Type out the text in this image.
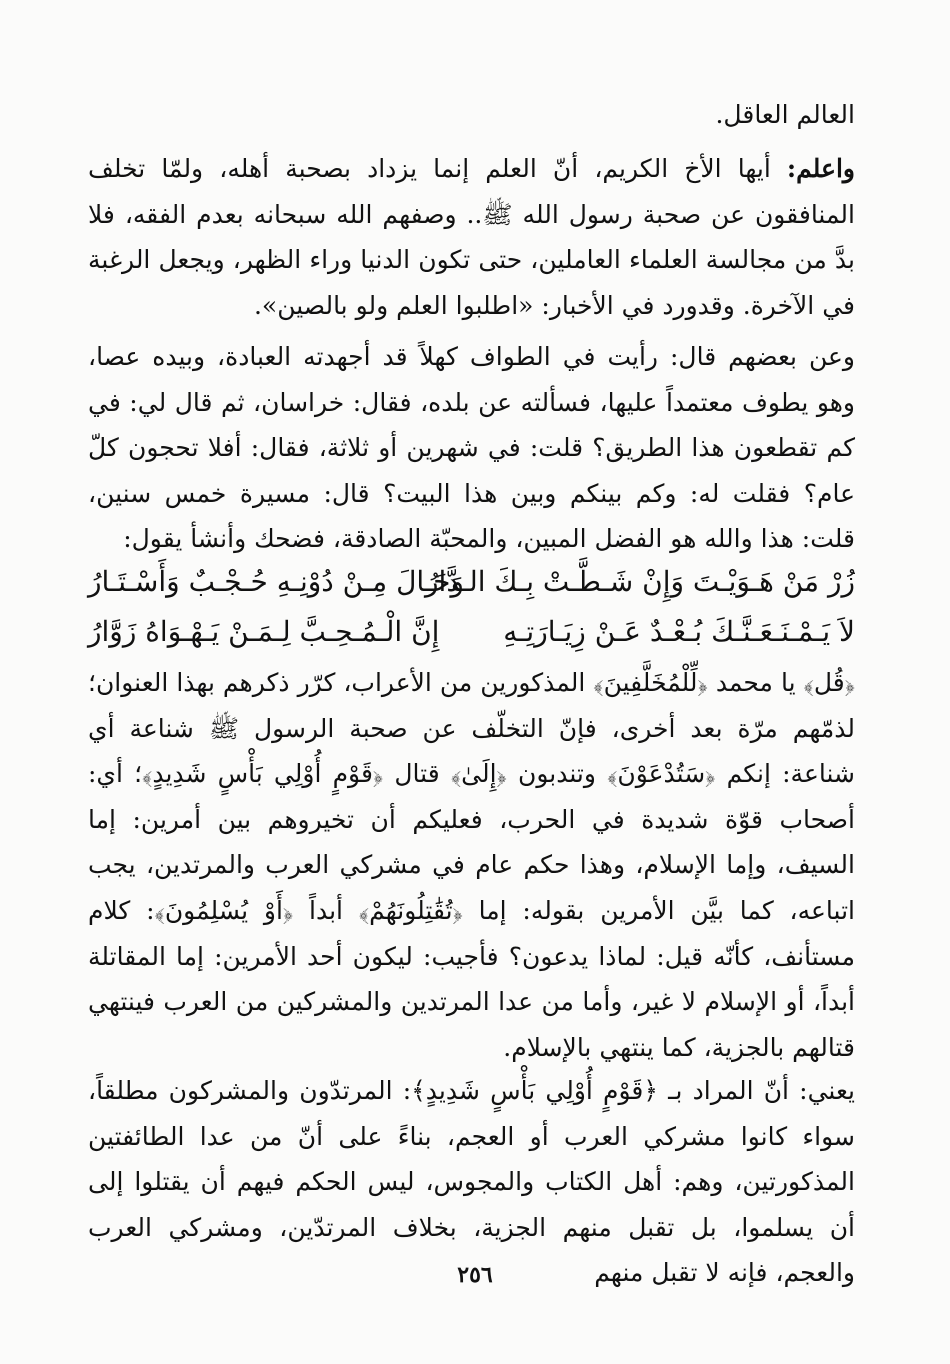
العالم العاقل.

واعلم: أيها الأخ الكريم، أنّ العلم إنما يزداد بصحبة أهله، ولمّا تخلف المنافقون عن صحبة رسول الله ﷺ.. وصفهم الله سبحانه بعدم الفقه، فلا بدَّ من مجالسة العلماء العاملين، حتى تكون الدنيا وراء الظهر، ويجعل الرغبة في الآخرة. وقدورد في الأخبار: «اطلبوا العلم ولو بالصين».

وعن بعضهم قال: رأيت في الطواف كهلاً قد أجهدته العبادة، وبيده عصا، وهو يطوف معتمداً عليها، فسألته عن بلده، فقال: خراسان، ثم قال لي: في كم تقطعون هذا الطريق؟ قلت: في شهرين أو ثلاثة، فقال: أفلا تحجون كلّ عام؟ فقلت له: وكم بينكم وبين هذا البيت؟ قال: مسيرة خمس سنين، قلت: هذا والله هو الفضل المبين، والمحبّة الصادقة، فضحك وأنشأ يقول:

زُرْ مَنْ هَـوَيْـتَ وَإِنْ شَـطَّـتْ بِـكَ الـدَّارُ
وَحَـالَ مِـنْ دُوْنِـهِ حُـجْـبٌ وَأَسْـتَـارُ
لاَ يَـمْـنَـعَـنَّـكَ بُـعْـدٌ عَـنْ زِيَـارَتِـهِ
إِنَّ الْـمُـحِـبَّ لِـمَـنْ يَـهْـوَاهُ زَوَّارُ

﴿قُل﴾ يا محمد ﴿لِّلْمُخَلَّفِينَ﴾ المذكورين من الأعراب، كرّر ذكرهم بهذا العنوان؛ لذمّهم مرّة بعد أخرى، فإنّ التخلّف عن صحبة الرسول ﷺ شناعة أي شناعة: إنكم ﴿سَتُدْعَوْنَ﴾ وتندبون ﴿إِلَىٰ﴾ قتال ﴿قَوْمٍ أُوْلِي بَأْسٍ شَدِيدٍ﴾؛ أي: أصحاب قوّة شديدة في الحرب، فعليكم أن تخيروهم بين أمرين: إما السيف، وإما الإسلام، وهذا حكم عام في مشركي العرب والمرتدين، يجب اتباعه، كما بيَّن الأمرين بقوله: إما ﴿تُقَٰتِلُونَهُمْ﴾ أبداً ﴿أَوْ يُسْلِمُونَ﴾: كلام مستأنف، كأنّه قيل: لماذا يدعون؟ فأجيب: ليكون أحد الأمرين: إما المقاتلة أبداً، أو الإسلام لا غير، وأما من عدا المرتدين والمشركين من العرب فينتهي قتالهم بالجزية، كما ينتهي بالإسلام.

يعني: أنّ المراد بـ ﴿قَوْمٍ أُوْلِي بَأْسٍ شَدِيدٍ﴾: المرتدّون والمشركون مطلقاً، سواء كانوا مشركي العرب أو العجم، بناءً على أنّ من عدا الطائفتين المذكورتين، وهم: أهل الكتاب والمجوس، ليس الحكم فيهم أن يقتلوا إلى أن يسلموا، بل تقبل منهم الجزية، بخلاف المرتدّين، ومشركي العرب والعجم، فإنه لا تقبل منهم

٢٥٦
